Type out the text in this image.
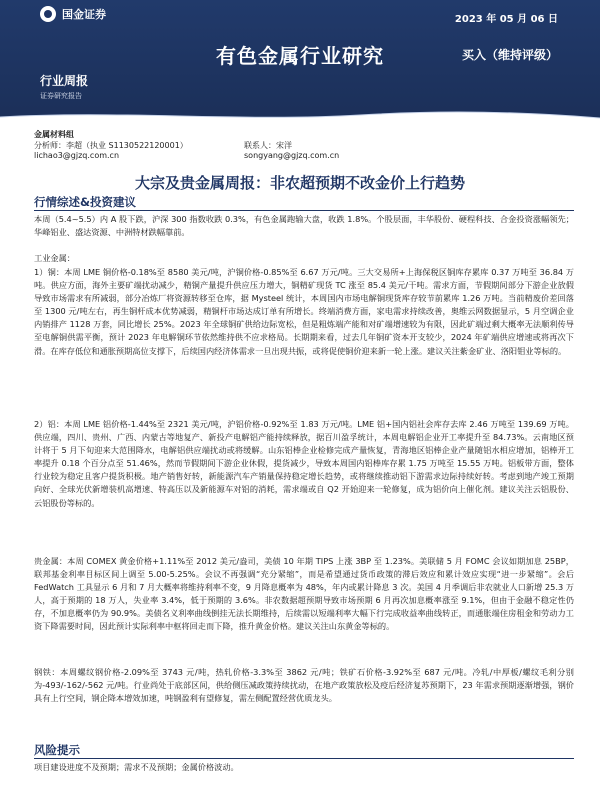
国金证券	2023 年 05 月 06 日
有色金属行业研究	买入（维持评级）
行业周报
证券研究报告
金属材料组
分析师：李超（执业 S1130522120001）	联系人：宋洋
lichao3@gjzq.com.cn	songyang@gjzq.com.cn
大宗及贵金属周报：非农超预期不改金价上行趋势
行情综述&投资建议
本周（5.4~5.5）内 A 股下跌，沪深 300 指数收跌 0.3%，有色金属跑输大盘，收跌 1.8%。个股层面，丰华股份、硬程科技、合金投资涨幅领先；华峰铝业、盛达资源、中洲特材跌幅靠前。
工业金属：
1）铜：本周 LME 铜价格-0.18%至 8580 美元/吨，沪铜价格-0.85%至 6.67 万元/吨。三大交易所+上海保税区铜库存累库 0.37 万吨至 36.84 万吨。供应方面，海外主要矿端扰动减少，精铜产量提升供应压力增大，铜精矿现货 TC 涨至 85.4 美元/干吨。需求方面，节假期间部分下游企业放假导致市场需求有所减弱，部分冶炼厂将资源转移至仓库，据 Mysteel 统计，本周国内市场电解铜现货库存较节前累库 1.26 万吨。当前精废价差回落至 1300 元/吨左右，再生铜杆成本优势减弱，精铜杆市场达成订单有所增长。终端消费方面，家电需求持续改善，奥维云网数据显示，5 月空调企业内销排产 1128 万套，同比增长 25%。2023 年全球铜矿供给边际宽松，但是粗炼端产能和对矿端增速较为有限，因此矿端过剩大概率无法顺利传导至电解铜供需平衡，预计 2023 年电解铜环节依然维持供不应求格局。长期期来看，过去几年铜矿资本开支较少，2024 年矿端供应增速或将再次下滑。在库存低位和通胀预期高位支撑下，后续国内经济体需求一旦出现共振，或将促使铜价迎来新一轮上涨。建议关注紫金矿业、洛阳钼业等标的。
2）铝：本周 LME 铝价格-1.44%至 2321 美元/吨，沪铝价格-0.92%至 1.83 万元/吨。LME 铝+国内铝社会库存去库 2.46 万吨至 139.69 万吨。供应端，四川、贵州、广西、内蒙古等地复产、新投产电解铝产能持续释放，据百川盈孚统计，本周电解铝企业开工率提升至 84.73%。云南地区预计将于 5 月下旬迎来大范围降水，电解铝供应端扰动或将缓解。山东铝棒企业检修完成产量恢复，青海地区铝棒企业产量随铝水相应增加，铝棒开工率提升 0.18 个百分点至 51.46%，然而节假期间下游企业休假，提货减少，导致本周国内铝棒库存累 1.75 万吨至 15.55 万吨。铝板带方面，整体行业较为稳定且客户提货积极。地产销售好转，新能源汽车产销量保持稳定增长趋势，或将继续推动铝下游需求边际持续好转。考虑到地产竣工预期向好、全球光伏新增装机高增速、特高压以及新能源车对铝的消耗，需求端或自 Q2 开始迎来一轮修复，成为铝价向上催化剂。建议关注云铝股份、云铝股份等标的。
贵金属：本周 COMEX 黄金价格+1.11%至 2012 美元/盎司，美债 10 年期 TIPS 上涨 3BP 至 1.23%。美联储 5 月 FOMC 会议如期加息 25BP，联邦基金利率目标区间上调至 5.00-5.25%。会议不再强调“充分紧缩”，而是希望通过货币政策的滞后效应和累计效应实现“进一步紧缩”。会后 FedWatch 工具显示 6 月和 7 月大概率将维持利率不变，9 月降息概率为 48%，年内或累计降息 3 次。美国 4 月季调后非农就业人口新增 25.3 万人，高于预期的 18 万人，失业率 3.4%，低于预期的 3.6%。非农数据超预期导致市场预期 6 月再次加息概率涨至 9.1%，但由于金融不稳定性仍存，不加息概率仍为 90.9%。美债名义利率曲线倒挂无法长期维持，后续需以短端利率大幅下行完成收益率曲线转正，而通胀端住房租金和劳动力工资下降需要时间，因此预计实际利率中枢将回走而下降，推升黄金价格。建议关注山东黄金等标的。
钢铁：本周螺纹钢价格-2.09%至 3743 元/吨，热轧价格-3.3%至 3862 元/吨；铁矿石价格-3.92%至 687 元/吨。冷轧/中厚板/螺纹毛利分别为-493/-162/-562 元/吨。行业尚处于底部区间，供给侧压减政策持续扰动，在地产政策放松及疫后经济复苏预期下，23 年需求预期逐渐增强，钢价具有上行空间，钢企降本增效加速，吨钢盈利有望修复，需左侧配置经营优质龙头。
风险提示
项目建设进度不及预期；需求不及预期；金属价格波动。
